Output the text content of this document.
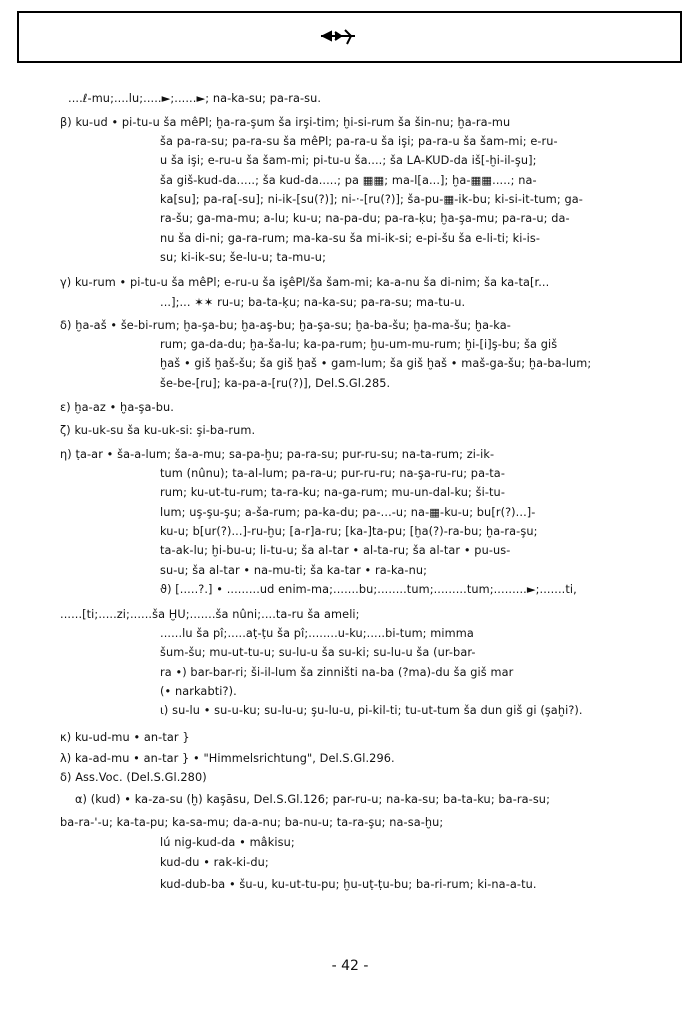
....ℓ-mu;....lu;.....►;......►; na-ka-su; pa-ra-su.
β) ku-ud • pi-tu-u ša mêPl; ḫa-ra-şum ša irşi-tim; ḫi-si-rum ša šin-nu; ḫa-ra-mu
ša pa-ra-su; pa-ra-su ša mêPl; pa-ra-u ša işi; pa-ra-u ša šam-mi; e-ru-
u ša işi; e-ru-u ša šam-mi; pi-tu-u ša....; ša LA-KUD-da iš[-ḫi-il-şu];
ša giš-kud-da.....; ša kud-da.....; pa ▦▦; ma-l[a...]; ḫa-▦▦.....; na-
ka[su]; pa-ra[-su]; ni-ik-[su(?)]; ni-·-[ru(?)]; ša-pu-▦-ik-bu; ki-si-it-tum; ga-
ra-šu; ga-ma-mu; a-lu; ku-u; na-pa-du; pa-ra-ḳu; ḫa-şa-mu; pa-ra-u; da-
nu ša di-ni; ga-ra-rum; ma-ka-su ša mi-ik-si; e-pi-šu ša e-li-ti; ki-is-
su; ki-ik-su; še-lu-u; ta-mu-u;
γ) ku-rum • pi-tu-u ša mêPl; e-ru-u ša işêPl/ša šam-mi; ka-a-nu ša di-nim; ša ka-ta[r...
...];... ✶✶ ru-u; ba-ta-ḳu; na-ka-su; pa-ra-su; ma-tu-u.
δ) ḫa-aš • še-bi-rum; ḫa-şa-bu; ḫa-aş-bu; ḫa-şa-su; ḫa-ba-šu; ḫa-ma-šu; ḫa-ka-
rum; ga-da-du; ḫa-ša-lu; ka-pa-rum; ḫu-um-mu-rum; ḫi-[i]ş-bu; ša giš
ḫaš • giš ḫaš-šu; ša giš ḫaš • gam-lum; ša giš ḫaš • maš-ga-šu; ḫa-ba-lum;
še-be-[ru]; ka-pa-a-[ru(?)], Del.S.Gl.285.
ε) ḫa-az • ḫa-şa-bu.
ζ) ku-uk-su ša ku-uk-si: şi-ba-rum.
η) ṭa-ar • ša-a-lum; ša-a-mu; sa-pa-ḫu; pa-ra-su; pur-ru-su; na-ta-rum; zi-ik-
tum (nûnu); ta-al-lum; pa-ra-u; pur-ru-ru; na-şa-ru-ru; pa-ta-
rum; ku-ut-tu-rum; ta-ra-ku; na-ga-rum; mu-un-dal-ku; ši-tu-
lum; uş-şu-şu; a-ša-rum; pa-ka-du; pa-...-u; na-▦-ku-u; bu[r(?)...]-
ku-u; b[ur(?)...]-ru-ḫu; [a-r]a-ru; [ka-]ta-pu; [ḫa(?)-ra-bu; ḫa-ra-şu;
ta-ak-lu; ḫi-bu-u; li-tu-u; ša al-tar • al-ta-ru; ša al-tar • pu-us-
su-u; ša al-tar • na-mu-ti; ša ka-tar • ra-ka-nu;
ϑ) [.....?.] • .........ud enim-ma;.......bu;........tum;.........tum;.........►;.......ti,
......[ti;.....zi;......ša ḪU;.......ša nûni;....ta-ru ša ameli;
......lu ša pî;.....aṭ-ṭu ša pî;........u-ku;.....bi-tum; mimma
šum-šu; mu-ut-tu-u; su-lu-u ša su-ki; su-lu-u ša (ur-bar-
ra •) bar-bar-ri; ši-il-lum ša zinništi na-ba (?ma)-du ša giš mar
(• narkabti?).
ι) su-lu • su-u-ku; su-lu-u; şu-lu-u, pi-kil-ti; tu-ut-tum ša dun giš gi (şaḫi?).
κ) ku-ud-mu • an-tar }
λ) ka-ad-mu • an-tar } • "Himmelsrichtung", Del.S.Gl.296.
δ) Ass.Voc. (Del.S.Gl.280)
α) (kud) • ka-za-su (ḫ) kaşāsu, Del.S.Gl.126; par-ru-u; na-ka-su; ba-ta-ku; ba-ra-su;
ba-ra-'-u; ka-ta-pu; ka-sa-mu; da-a-nu; ba-nu-u; ta-ra-şu; na-sa-ḫu;
lú nig-kud-da • mâkisu;
kud-du • rak-ki-du;
kud-dub-ba • šu-u, ku-ut-tu-pu; ḫu-uṭ-ṭu-bu; ba-ri-rum; ki-na-a-tu.
- 42 -
